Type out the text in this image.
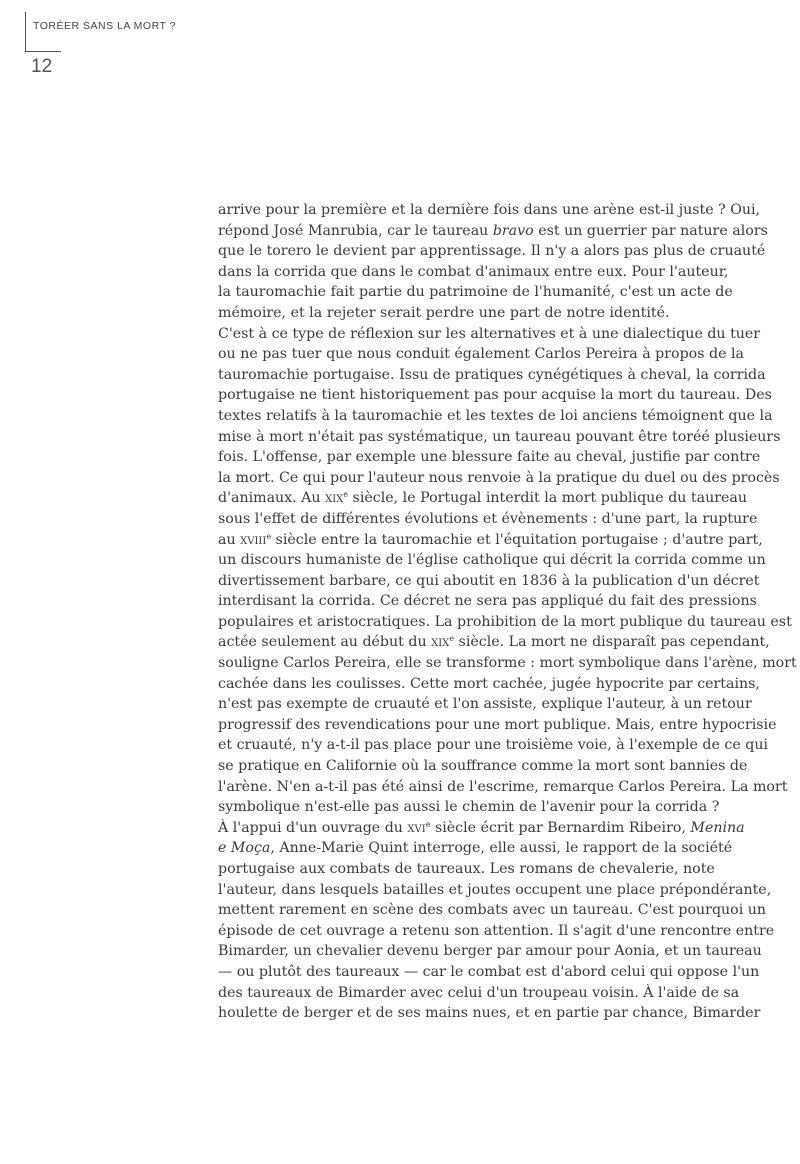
TORÉER SANS LA MORT ?
12
arrive pour la première et la dernière fois dans une arène est-il juste ? Oui,
répond José Manrubia, car le taureau bravo est un guerrier par nature alors
que le torero le devient par apprentissage. Il n'y a alors pas plus de cruauté
dans la corrida que dans le combat d'animaux entre eux. Pour l'auteur,
la tauromachie fait partie du patrimoine de l'humanité, c'est un acte de
mémoire, et la rejeter serait perdre une part de notre identité.
C'est à ce type de réflexion sur les alternatives et à une dialectique du tuer
ou ne pas tuer que nous conduit également Carlos Pereira à propos de la
tauromachie portugaise. Issu de pratiques cynégétiques à cheval, la corrida
portugaise ne tient historiquement pas pour acquise la mort du taureau. Des
textes relatifs à la tauromachie et les textes de loi anciens témoignent que la
mise à mort n'était pas systématique, un taureau pouvant être toréé plusieurs
fois. L'offense, par exemple une blessure faite au cheval, justifie par contre
la mort. Ce qui pour l'auteur nous renvoie à la pratique du duel ou des procès
d'animaux. Au xix$^e$ siècle, le Portugal interdit la mort publique du taureau
sous l'effet de différentes évolutions et évènements : d'une part, la rupture
au xviii$^e$ siècle entre la tauromachie et l'équitation portugaise ; d'autre part,
un discours humaniste de l'église catholique qui décrit la corrida comme un
divertissement barbare, ce qui aboutit en 1836 à la publication d'un décret
interdisant la corrida. Ce décret ne sera pas appliqué du fait des pressions
populaires et aristocratiques. La prohibition de la mort publique du taureau est
actée seulement au début du xix$^e$ siècle. La mort ne disparaît pas cependant,
souligne Carlos Pereira, elle se transforme : mort symbolique dans l'arène, mort
cachée dans les coulisses. Cette mort cachée, jugée hypocrite par certains,
n'est pas exempte de cruauté et l'on assiste, explique l'auteur, à un retour
progressif des revendications pour une mort publique. Mais, entre hypocrisie
et cruauté, n'y a-t-il pas place pour une troisième voie, à l'exemple de ce qui
se pratique en Californie où la souffrance comme la mort sont bannies de
l'arène. N'en a-t-il pas été ainsi de l'escrime, remarque Carlos Pereira. La mort
symbolique n'est-elle pas aussi le chemin de l'avenir pour la corrida ?
À l'appui d'un ouvrage du xvi$^e$ siècle écrit par Bernardim Ribeiro, Menina
e Moça, Anne-Marie Quint interroge, elle aussi, le rapport de la société
portugaise aux combats de taureaux. Les romans de chevalerie, note
l'auteur, dans lesquels batailles et joutes occupent une place prépondérante,
mettent rarement en scène des combats avec un taureau. C'est pourquoi un
épisode de cet ouvrage a retenu son attention. Il s'agit d'une rencontre entre
Bimarder, un chevalier devenu berger par amour pour Aonia, et un taureau
— ou plutôt des taureaux — car le combat est d'abord celui qui oppose l'un
des taureaux de Bimarder avec celui d'un troupeau voisin. À l'aide de sa
houlette de berger et de ses mains nues, et en partie par chance, Bimarder
